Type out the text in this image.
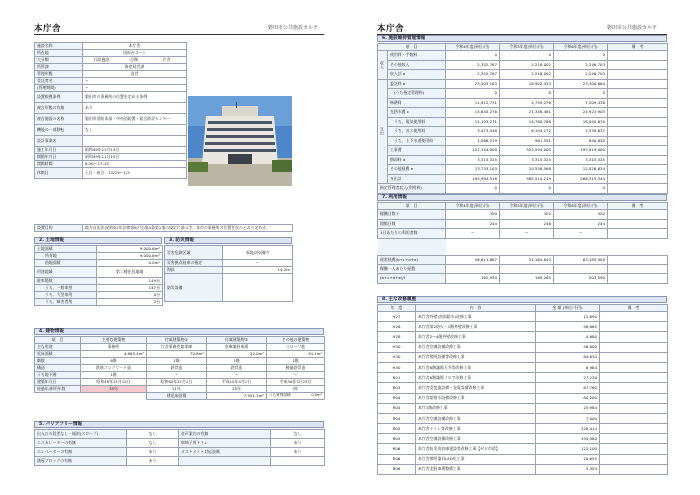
本庁舎	磐田市公共施設カルテ
施設名称	本庁舎
所在地	国府台３−１
大分類	行政施設 分類 庁舎
所管課	資産経営課
管理形態	直営
受託者名	−
(管理期間)	−
設置根拠条例	磐田市の事務所の位置を定める条例
複合形態の有無	あり
複合施設の名称	磐田市消防本部・中央消防署・総合防災センター
機能の一部移転	なし
設計事業名	
施工年月日	昭和49年11月15日
開館年月日	昭和49年11月15日
開館時間	8:30〜17:15
休館日	土日・祝日、12/29〜1/3
設置目的	地方自治法(昭和22年法律第67号)第4条第1項の規定に基づき、本市の事務所の位置を次のとおり定める
2. 土地情報
土地面積	9,000.6m²
所有地	9,000.6m²
借地面積	0.0m²
用途地域	第二種住居地域
駐車場数	149台
うち、一般車用	147台
うち、大型車用	0台
うち、障害者用	2台
3. 防災情報
災害危険区域	原地/沖2圏内
災害拠点駐車の指定	−
海抜	14.2m
防災設備	
4. 建物情報
項　目	主要な建築物	付属建築物①	付属建築物②	その他の建築物
主な用途	事務所	庁舎事務室兼車庫	倉庫兼駐車場	スロープ他
延床面積	4,863.4m²	70.8m²	52.0m²	34.1m²
階数	6階	1階	1階	1階
構造	鉄筋コンクリート造	鉄骨造	鉄骨造	軽量鉄骨造
うち地下階	1階	−	−	−
建築年月日	昭和49年11月15日	昭和62年11月1日	平成12年4月1日	平成30年3月23日
経過年/耐用年数	35年	21年	25年	3年
		建延床面積	7,951.3m²	うち賃貸面積 0.0m²
5. バリアフリー情報
出入口の段差なし・傾斜(スロープ)	なし	音声案内の有無	なし
エスカレーターの有無	なし	車椅子用トイレ	あり
エレベーターの有無	あり	オストメイト対応設備	あり
誘導ブロックの有無	あり		
本庁舎	磐田市公共施設カルテ
6. 施設維持管理情報
項　目		令和4年度(単位:円)	令和5年度(単位:円)	令和6年度(単位:円)	備　考
収入	使用料・手数料	0	0	0	
	その他収入	2,352,767	2,218,002	2,246,703	
	収入計 a	2,352,767	2,218,002	2,246,703	
支出	委託料 b	23,505,183	18,902,453	23,300,664	
	(うち指定管理料)	0	0	0	
	修繕料	11,412,731	4,759,276	7,209,436	
	光熱水費 c	15,645,278	21,348,481	24,923,905	
	うち、電気使用料	11,103,271	14,760,768	16,050,670	
	うち、ガス使用料	3,473,348	6,194,172	7,539,637	
	うち、上下水道使用料	1,068,519	961,541	840,830	
	工事費	127,144,000	323,594,000	197,019,000	
	償却料 d	3,315,325	3,315,325	3,315,325	
	その他経費 e	13,733,103	10,558,568	12,026,634	
	支出計	195,994,516	382,514,219	268,315,344	
指定管理者収入(利用料)		0	0	0	
7. 利用情報
項　目	令和4年度(単位:円)	令和5年度(単位:円)	令和6年度(単位:円)	備　考
稼働日数 f	320	320	320	
開館日数	244	246	244	
1日あたりの利用者数	−	−	−	

経常経費(b+c+d+e)	56,611,867	54,164,843	63,185,909	
稼働一人あたり経費				
(b+c+d+e)/f	162,950	169,265	203,590	
8. 主な改修履歴
年　度	内　容	金 額 (単位:千円)	備　考
H27	本庁舎外壁(南面防水)改修工事	12,690	
H28	本庁舎第2防火・1階外壁改修工事	58,665	
H28	本庁舎2〜4階外壁改修工事	4,680	
H30	本庁舎空調設備改修工事	46,600	
H30	本庁舎照明設備等改修工事	84,634	
H30	本庁舎6階議場天井等改修工事	8,984	
R01	本庁舎6階議場フロア改修工事	27,230	
R03	本庁舎受変電設備・発電設備改修工事	67,760	
R04	本庁舎給排水設備改修工事	80,200	
R04	本庁1階改修工事	25,984	
R04	本庁舎空調設備改修工事	7,000	
R05	本庁舎トイレ等改修工事	126,414	
R05	本庁舎空調設備改修工事	194,580	
R06	本庁舎防災用倉庫建設等改修工事【ゼロ市債】	122,100	
R06	本庁舎照明器具LED化工事	20,655	
R06	本庁舎北駐車場整備工事	5,324	
